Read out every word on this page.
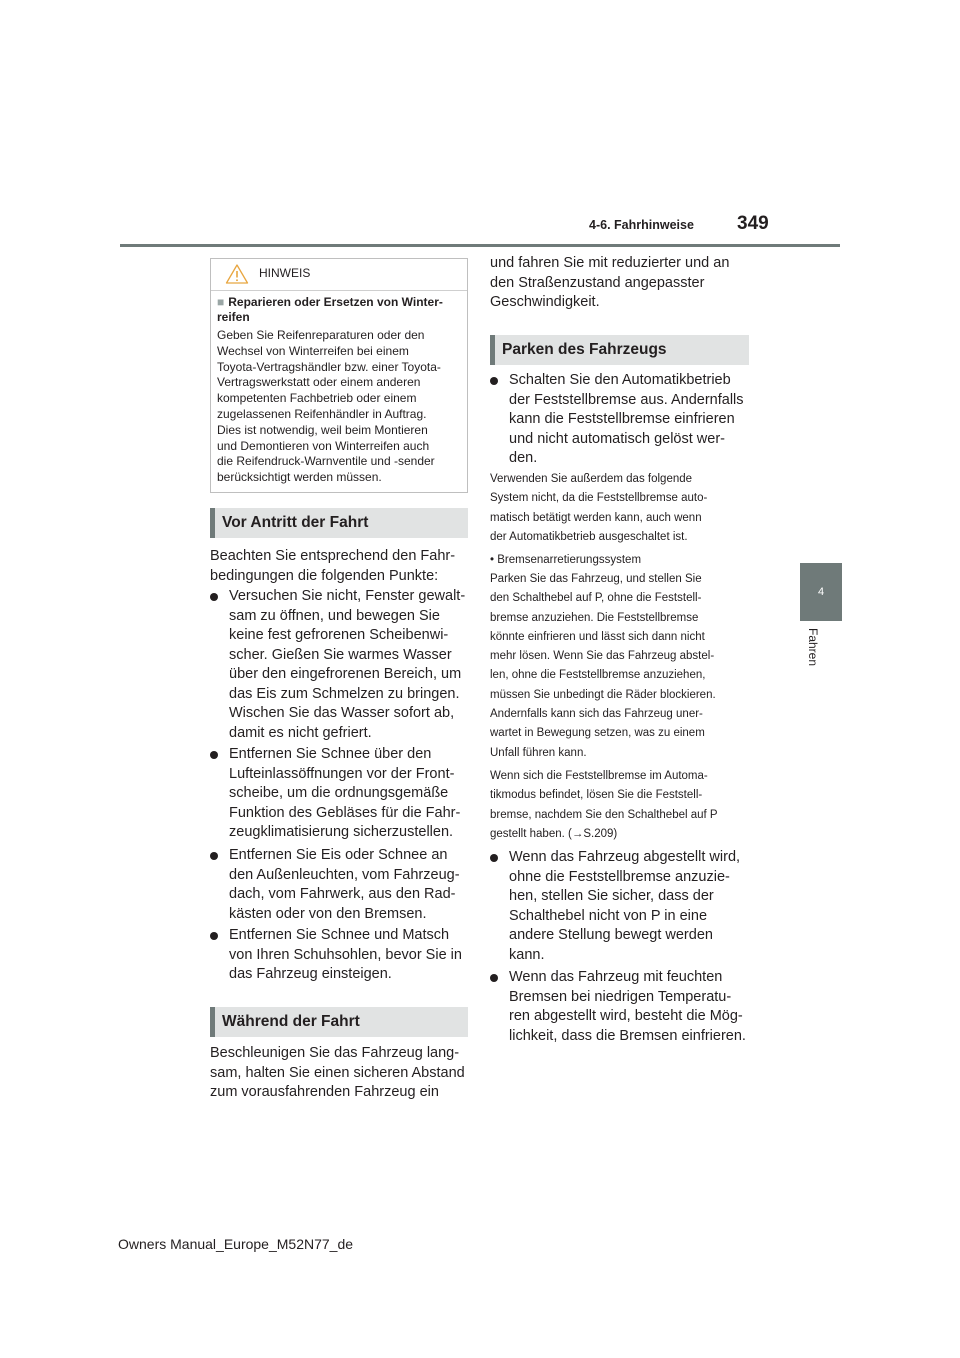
4-6. Fahrhinweise 349
4
Fahren
HINWEIS
■ Reparieren oder Ersetzen von Winter-
reifen
Geben Sie Reifenreparaturen oder den
Wechsel von Winterreifen bei einem
Toyota-Vertragshändler bzw. einer Toyota-
Vertragswerkstatt oder einem anderen
kompetenten Fachbetrieb oder einem
zugelassenen Reifenhändler in Auftrag.
Dies ist notwendig, weil beim Montieren
und Demontieren von Winterreifen auch
die Reifendruck-Warnventile und -sender
berücksichtigt werden müssen.
Vor Antritt der Fahrt
Beachten Sie entsprechend den Fahr-
bedingungen die folgenden Punkte:
Versuchen Sie nicht, Fenster gewalt-
sam zu öffnen, und bewegen Sie
keine fest gefrorenen Scheibenwi-
scher. Gießen Sie warmes Wasser
über den eingefrorenen Bereich, um
das Eis zum Schmelzen zu bringen.
Wischen Sie das Wasser sofort ab,
damit es nicht gefriert.
Entfernen Sie Schnee über den
Lufteinlassöffnungen vor der Front-
scheibe, um die ordnungsgemäße
Funktion des Gebläses für die Fahr-
zeugklimatisierung sicherzustellen.
Entfernen Sie Eis oder Schnee an
den Außenleuchten, vom Fahrzeug-
dach, vom Fahrwerk, aus den Rad-
kästen oder von den Bremsen.
Entfernen Sie Schnee und Matsch
von Ihren Schuhsohlen, bevor Sie in
das Fahrzeug einsteigen.
Während der Fahrt
Beschleunigen Sie das Fahrzeug lang-
sam, halten Sie einen sicheren Abstand
zum vorausfahrenden Fahrzeug ein
und fahren Sie mit reduzierter und an
den Straßenzustand angepasster
Geschwindigkeit.
Parken des Fahrzeugs
Schalten Sie den Automatikbetrieb
der Feststellbremse aus. Andernfalls
kann die Feststellbremse einfrieren
und nicht automatisch gelöst wer-
den.
Verwenden Sie außerdem das folgende
System nicht, da die Feststellbremse auto-
matisch betätigt werden kann, auch wenn
der Automatikbetrieb ausgeschaltet ist.
• Bremsenarretierungssystem
Parken Sie das Fahrzeug, und stellen Sie
den Schalthebel auf P, ohne die Feststell-
bremse anzuziehen. Die Feststellbremse
könnte einfrieren und lässt sich dann nicht
mehr lösen. Wenn Sie das Fahrzeug abstel-
len, ohne die Feststellbremse anzuziehen,
müssen Sie unbedingt die Räder blockieren.
Andernfalls kann sich das Fahrzeug uner-
wartet in Bewegung setzen, was zu einem
Unfall führen kann.
Wenn sich die Feststellbremse im Automa-
tikmodus befindet, lösen Sie die Feststell-
bremse, nachdem Sie den Schalthebel auf P
gestellt haben. (→S.209)
Wenn das Fahrzeug abgestellt wird,
ohne die Feststellbremse anzuzie-
hen, stellen Sie sicher, dass der
Schalthebel nicht von P in eine
andere Stellung bewegt werden
kann.
Wenn das Fahrzeug mit feuchten
Bremsen bei niedrigen Temperatu-
ren abgestellt wird, besteht die Mög-
lichkeit, dass die Bremsen einfrieren.
Owners Manual_Europe_M52N77_de
